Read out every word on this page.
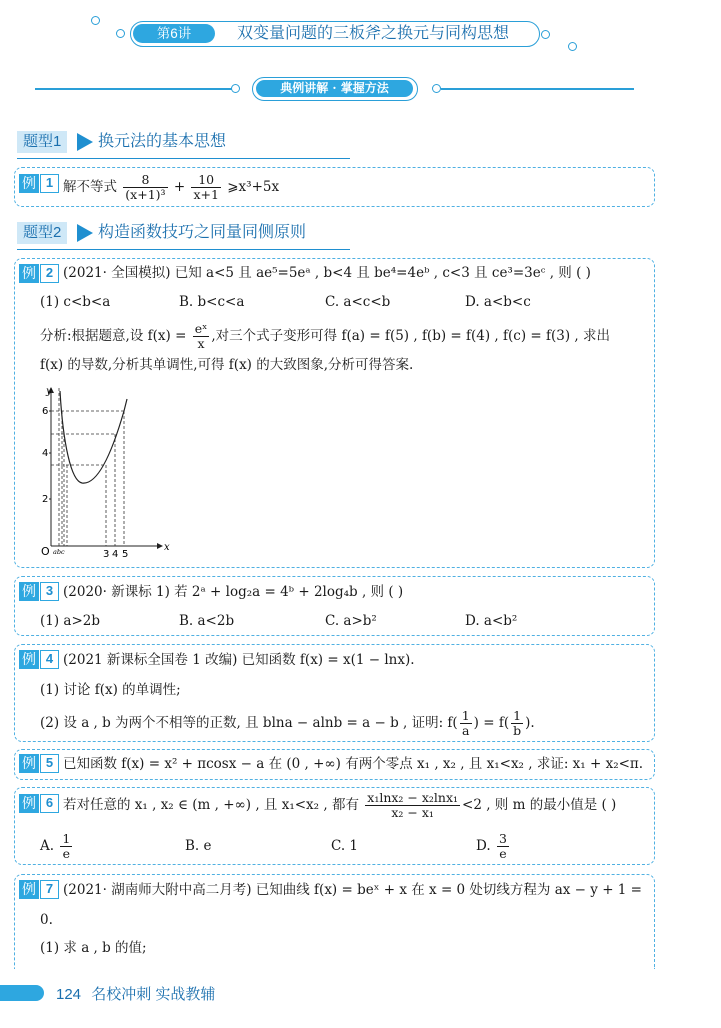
第6讲	双变量问题的三板斧之换元与同构思想
典例讲解 · 掌握方法
题型1	换元法的基本思想
例 1 解不等式 $\frac{8}{\text{(x+1)³}} + \frac{10}{x+1}$ ⩾x³+5x
题型2	构造函数技巧之同量同侧原则
例 2 (2021· 全国模拟) 已知 a<5 且 ae⁵=5eᵃ , b<4 且 be⁴=4eᵇ , c<3 且 ce³=3eᶜ , 则 ( )
(1) c<b<a	B. b<c<a	C. a<c<b	D. a<b<c
分析:根据题意,设 $f(x) = \frac{\text{eˣ}}{x}$ ,对三个式子变形可得 f(a) = f(5) , f(b) = f(4) , f(c) = f(3) , 求出
f(x) 的导数,分析其单调性,可得 f(x) 的大致图象,分析可得答案.
y
x
6
4
2
O abc	3 4 5
例 3 (2020· 新课标 1) 若 2ᵃ + log₂a = 4ᵇ + 2log₄b , 则 ( )
(1) a>2b	B. a<2b	C. a>b²	D. a<b²
例 4 (2021 新课标全国卷 1 改编) 已知函数 f(x) = x(1 − lnx).
(1) 讨论 f(x) 的单调性;
(2) 设 a , b 为两个不相等的正数, 且 blna − alnb = a − b , 证明: $f( \frac{1}{a}$ ) = $f( \frac{1}{b}$ ).
例 5 已知函数 f(x) = x² + πcosx − a 在 (0 , +∞) 有两个零点 x₁ , x₂ , 且 x₁<x₂ , 求证: x₁ + x₂<π.
例 6 若对任意的 x₁ , x₂ ∈ (m , +∞) , 且 x₁<x₂ , 都有 $\frac{\text{x₁lnx₂ − x₂lnx₁}}{\text{x₂ − x₁}} <2$ , 则 m 的最小值是 ( )
A. $\frac{1}{e}$	B. e	C. 1	D. $\frac{3}{e}$
例 7 (2021· 湖南师大附中高二月考) 已知曲线 f(x) = beˣ + x 在 x = 0 处切线方程为 ax − y + 1 =
0.
(1) 求 a , b 的值;
124 名校冲刺 实战教辅
